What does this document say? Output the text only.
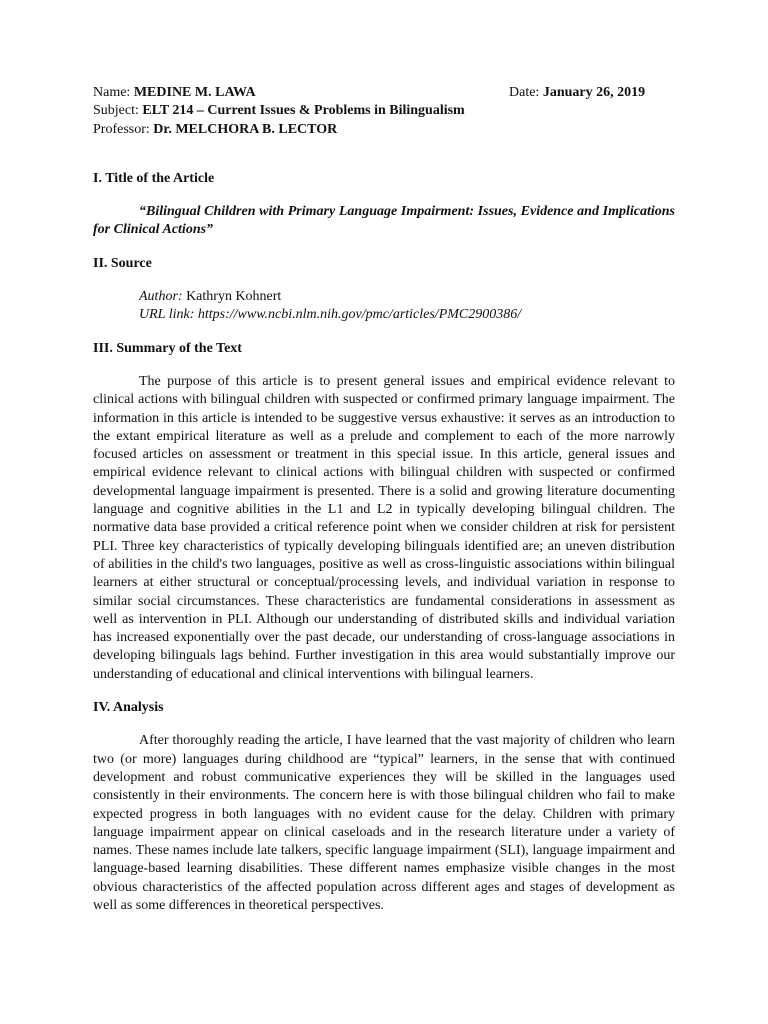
Name: MEDINE M. LAWA	Date: January 26, 2019
Subject: ELT 214 – Current Issues & Problems in Bilingualism
Professor: Dr. MELCHORA B. LECTOR

I. Title of the Article

“Bilingual Children with Primary Language Impairment: Issues, Evidence and Implications for Clinical Actions”

II. Source

Author: Kathryn Kohnert

URL link: https://www.ncbi.nlm.nih.gov/pmc/articles/PMC2900386/

III. Summary of the Text

The purpose of this article is to present general issues and empirical evidence relevant to clinical actions with bilingual children with suspected or confirmed primary language impairment. The information in this article is intended to be suggestive versus exhaustive: it serves as an introduction to the extant empirical literature as well as a prelude and complement to each of the more narrowly focused articles on assessment or treatment in this special issue. In this article, general issues and empirical evidence relevant to clinical actions with bilingual children with suspected or confirmed developmental language impairment is presented. There is a solid and growing literature documenting language and cognitive abilities in the L1 and L2 in typically developing bilingual children. The normative data base provided a critical reference point when we consider children at risk for persistent PLI. Three key characteristics of typically developing bilinguals identified are; an uneven distribution of abilities in the child's two languages, positive as well as cross-linguistic associations within bilingual learners at either structural or conceptual/processing levels, and individual variation in response to similar social circumstances. These characteristics are fundamental considerations in assessment as well as intervention in PLI. Although our understanding of distributed skills and individual variation has increased exponentially over the past decade, our understanding of cross-language associations in developing bilinguals lags behind. Further investigation in this area would substantially improve our understanding of educational and clinical interventions with bilingual learners.

IV. Analysis

After thoroughly reading the article, I have learned that the vast majority of children who learn two (or more) languages during childhood are “typical” learners, in the sense that with continued development and robust communicative experiences they will be skilled in the languages used consistently in their environments. The concern here is with those bilingual children who fail to make expected progress in both languages with no evident cause for the delay. Children with primary language impairment appear on clinical caseloads and in the research literature under a variety of names. These names include late talkers, specific language impairment (SLI), language impairment and language-based learning disabilities. These different names emphasize visible changes in the most obvious characteristics of the affected population across different ages and stages of development as well as some differences in theoretical perspectives.
